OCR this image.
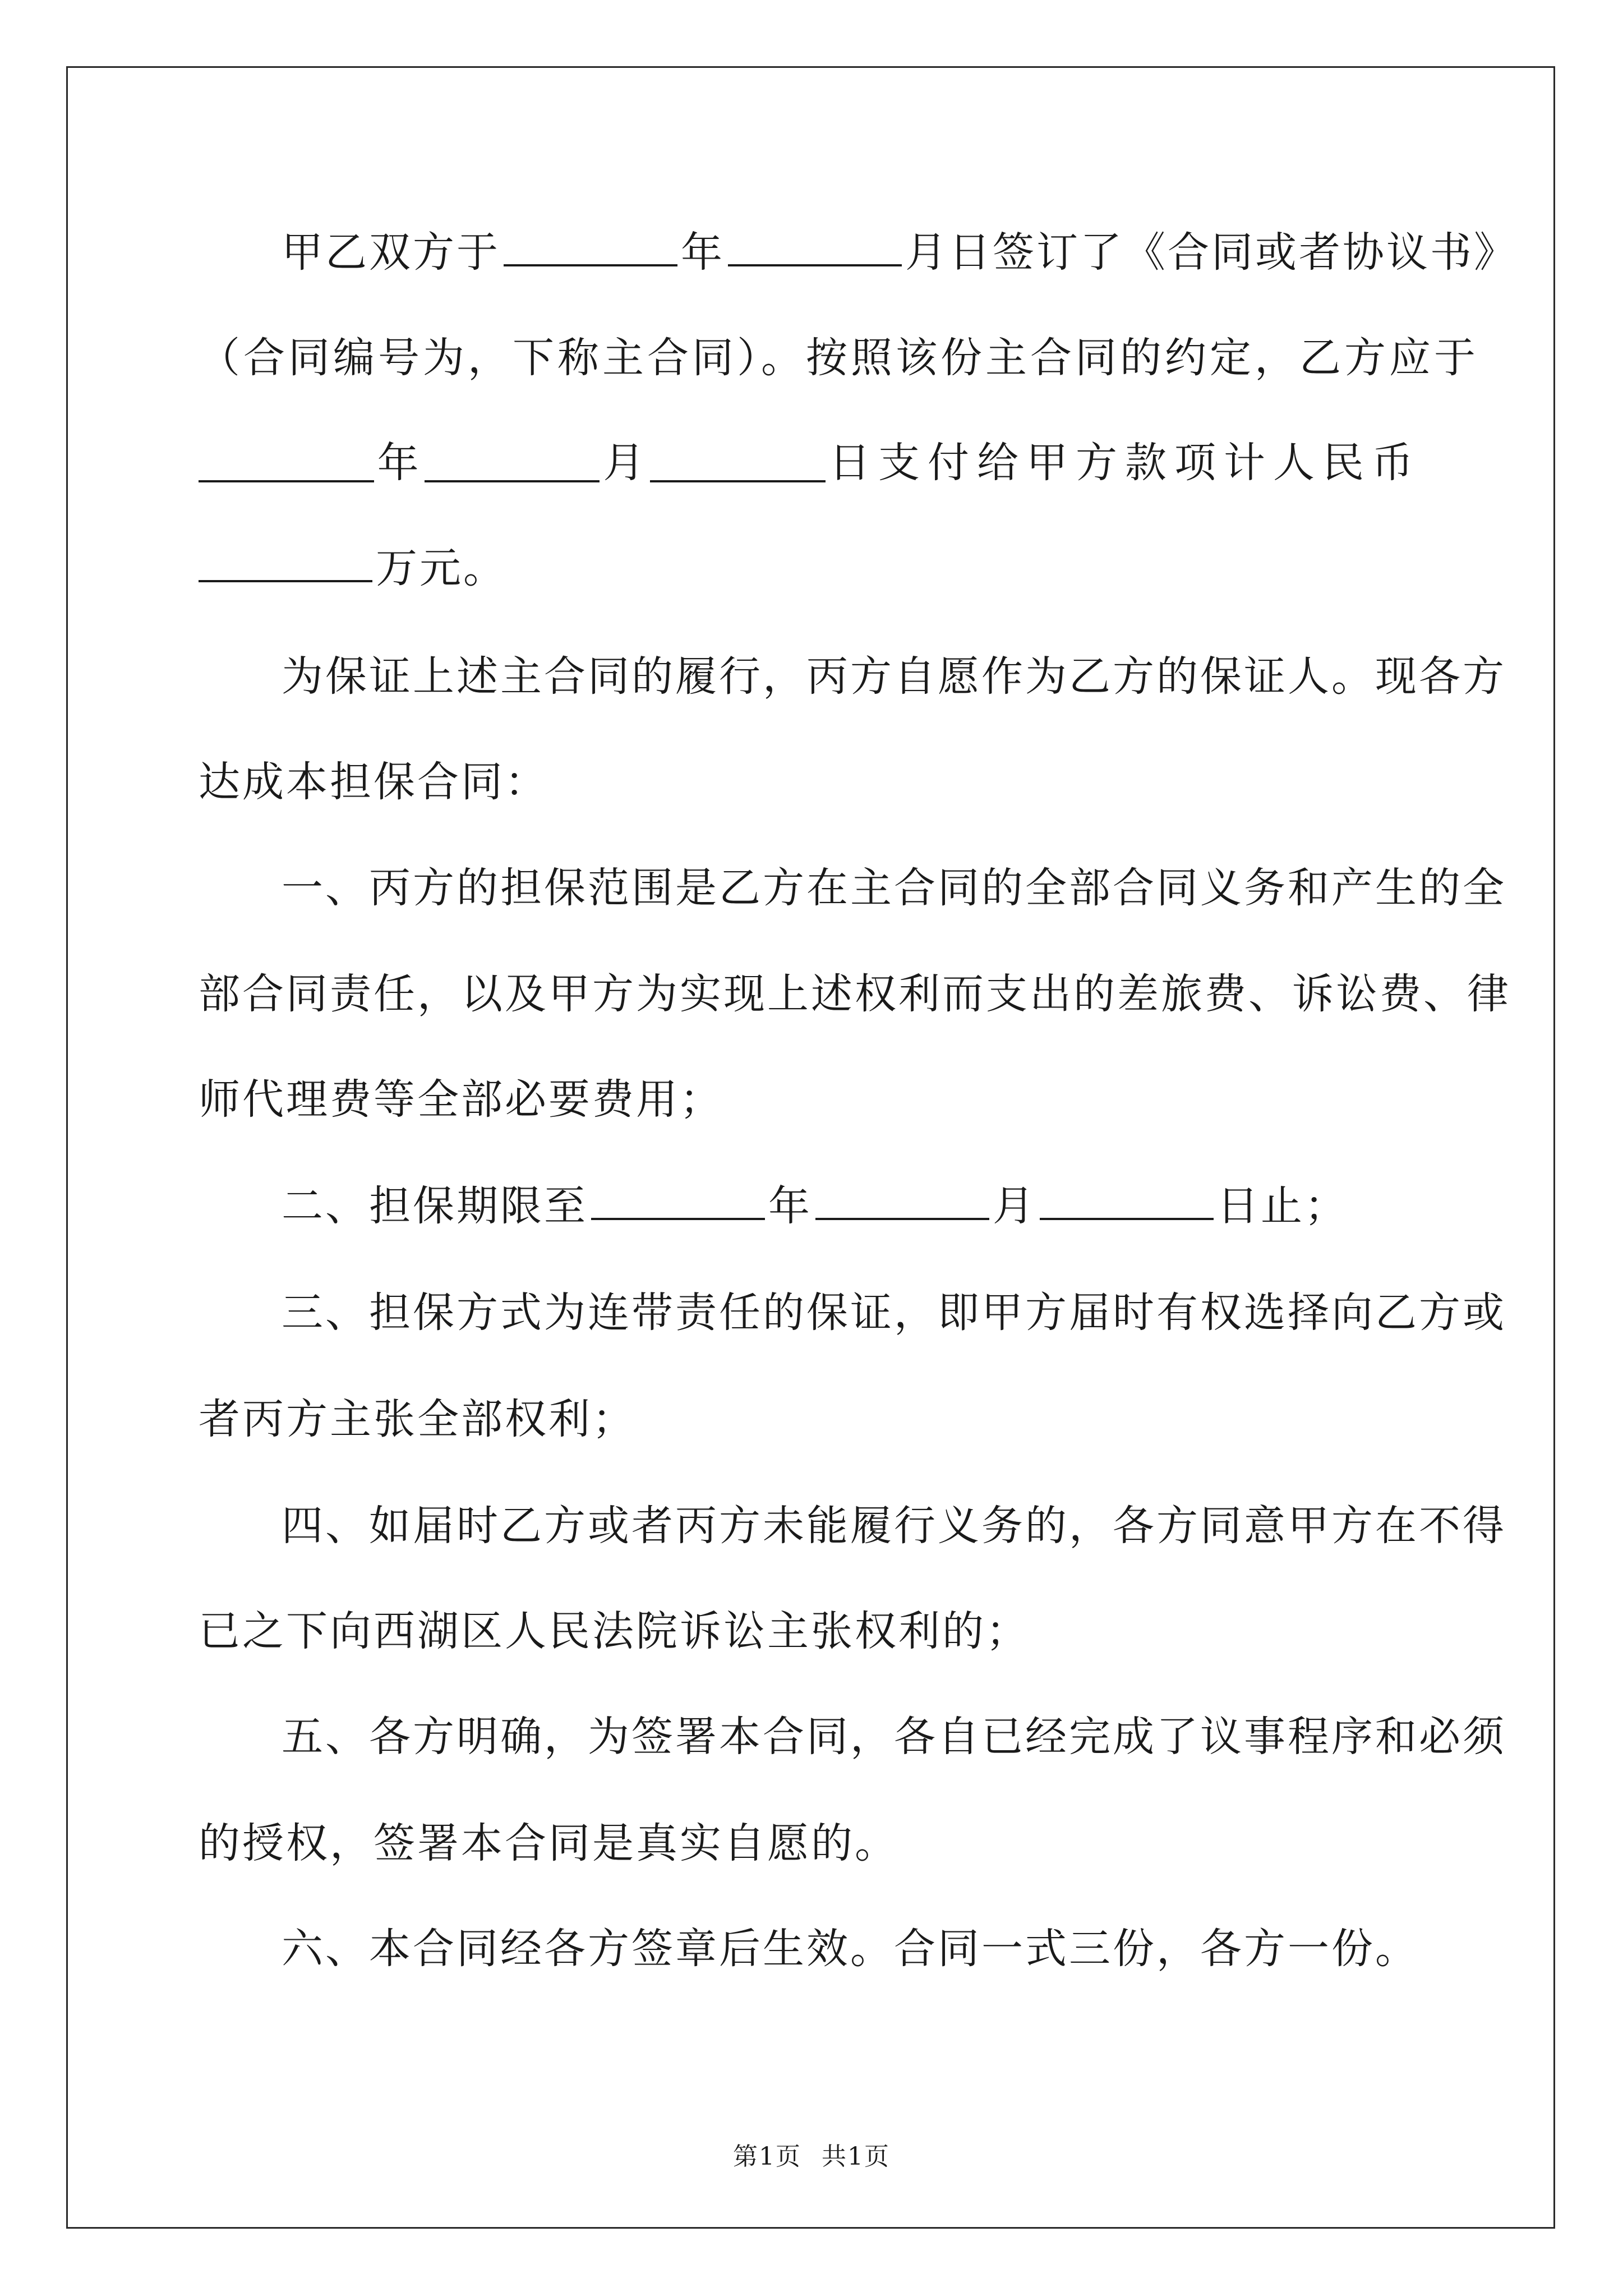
甲乙双方于	年	月日签订了《合同或者协议书》
（合同编号为，下称主合同）。按照该份主合同的约定，乙方应于
年	月	日支付给甲方款项计人民币
万元。
为保证上述主合同的履行，丙方自愿作为乙方的保证人。现各方
达成本担保合同：
一、丙方的担保范围是乙方在主合同的全部合同义务和产生的全
部合同责任，以及甲方为实现上述权利而支出的差旅费、诉讼费、律
师代理费等全部必要费用；
二、担保期限至	年	月	日止；
三、担保方式为连带责任的保证，即甲方届时有权选择向乙方或
者丙方主张全部权利；
四、如届时乙方或者丙方未能履行义务的，各方同意甲方在不得
已之下向西湖区人民法院诉讼主张权利的；
五、各方明确，为签署本合同，各自已经完成了议事程序和必须
的授权，签署本合同是真实自愿的。
六、本合同经各方签章后生效。合同一式三份，各方一份。
第1页 共1页
